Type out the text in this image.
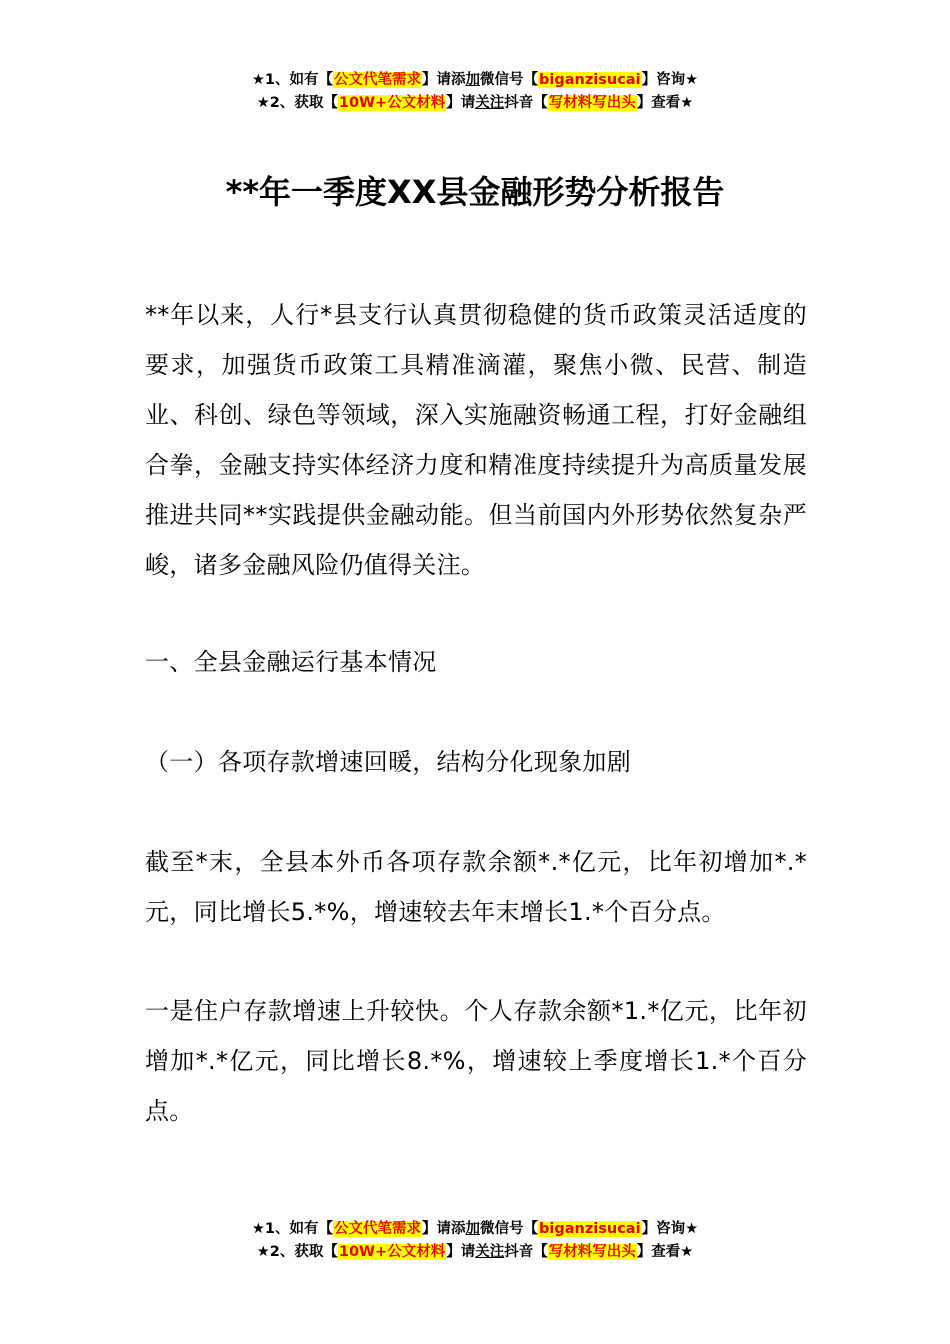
★1、如有【公文代笔需求】请添加微信号【biganzisucai】咨询★
★2、获取【10W+公文材料】请关注抖音【写材料写出头】查看★
**年一季度XX县金融形势分析报告

**年以来，人行*县支行认真贯彻稳健的货币政策灵活适度的要求，加强货币政策工具精准滴灌，聚焦小微、民营、制造业、科创、绿色等领域，深入实施融资畅通工程，打好金融组合拳，金融支持实体经济力度和精准度持续提升为高质量发展推进共同**实践提供金融动能。但当前国内外形势依然复杂严峻，诸多金融风险仍值得关注。

一、全县金融运行基本情况

（一）各项存款增速回暖，结构分化现象加剧

截至*末，全县本外币各项存款余额*.*亿元，比年初增加*.*元，同比增长5.*%，增速较去年末增长1.*个百分点。

一是住户存款增速上升较快。个人存款余额*1.*亿元，比年初增加*.*亿元，同比增长8.*%，增速较上季度增长1.*个百分点。

★1、如有【公文代笔需求】请添加微信号【biganzisucai】咨询★
★2、获取【10W+公文材料】请关注抖音【写材料写出头】查看★
